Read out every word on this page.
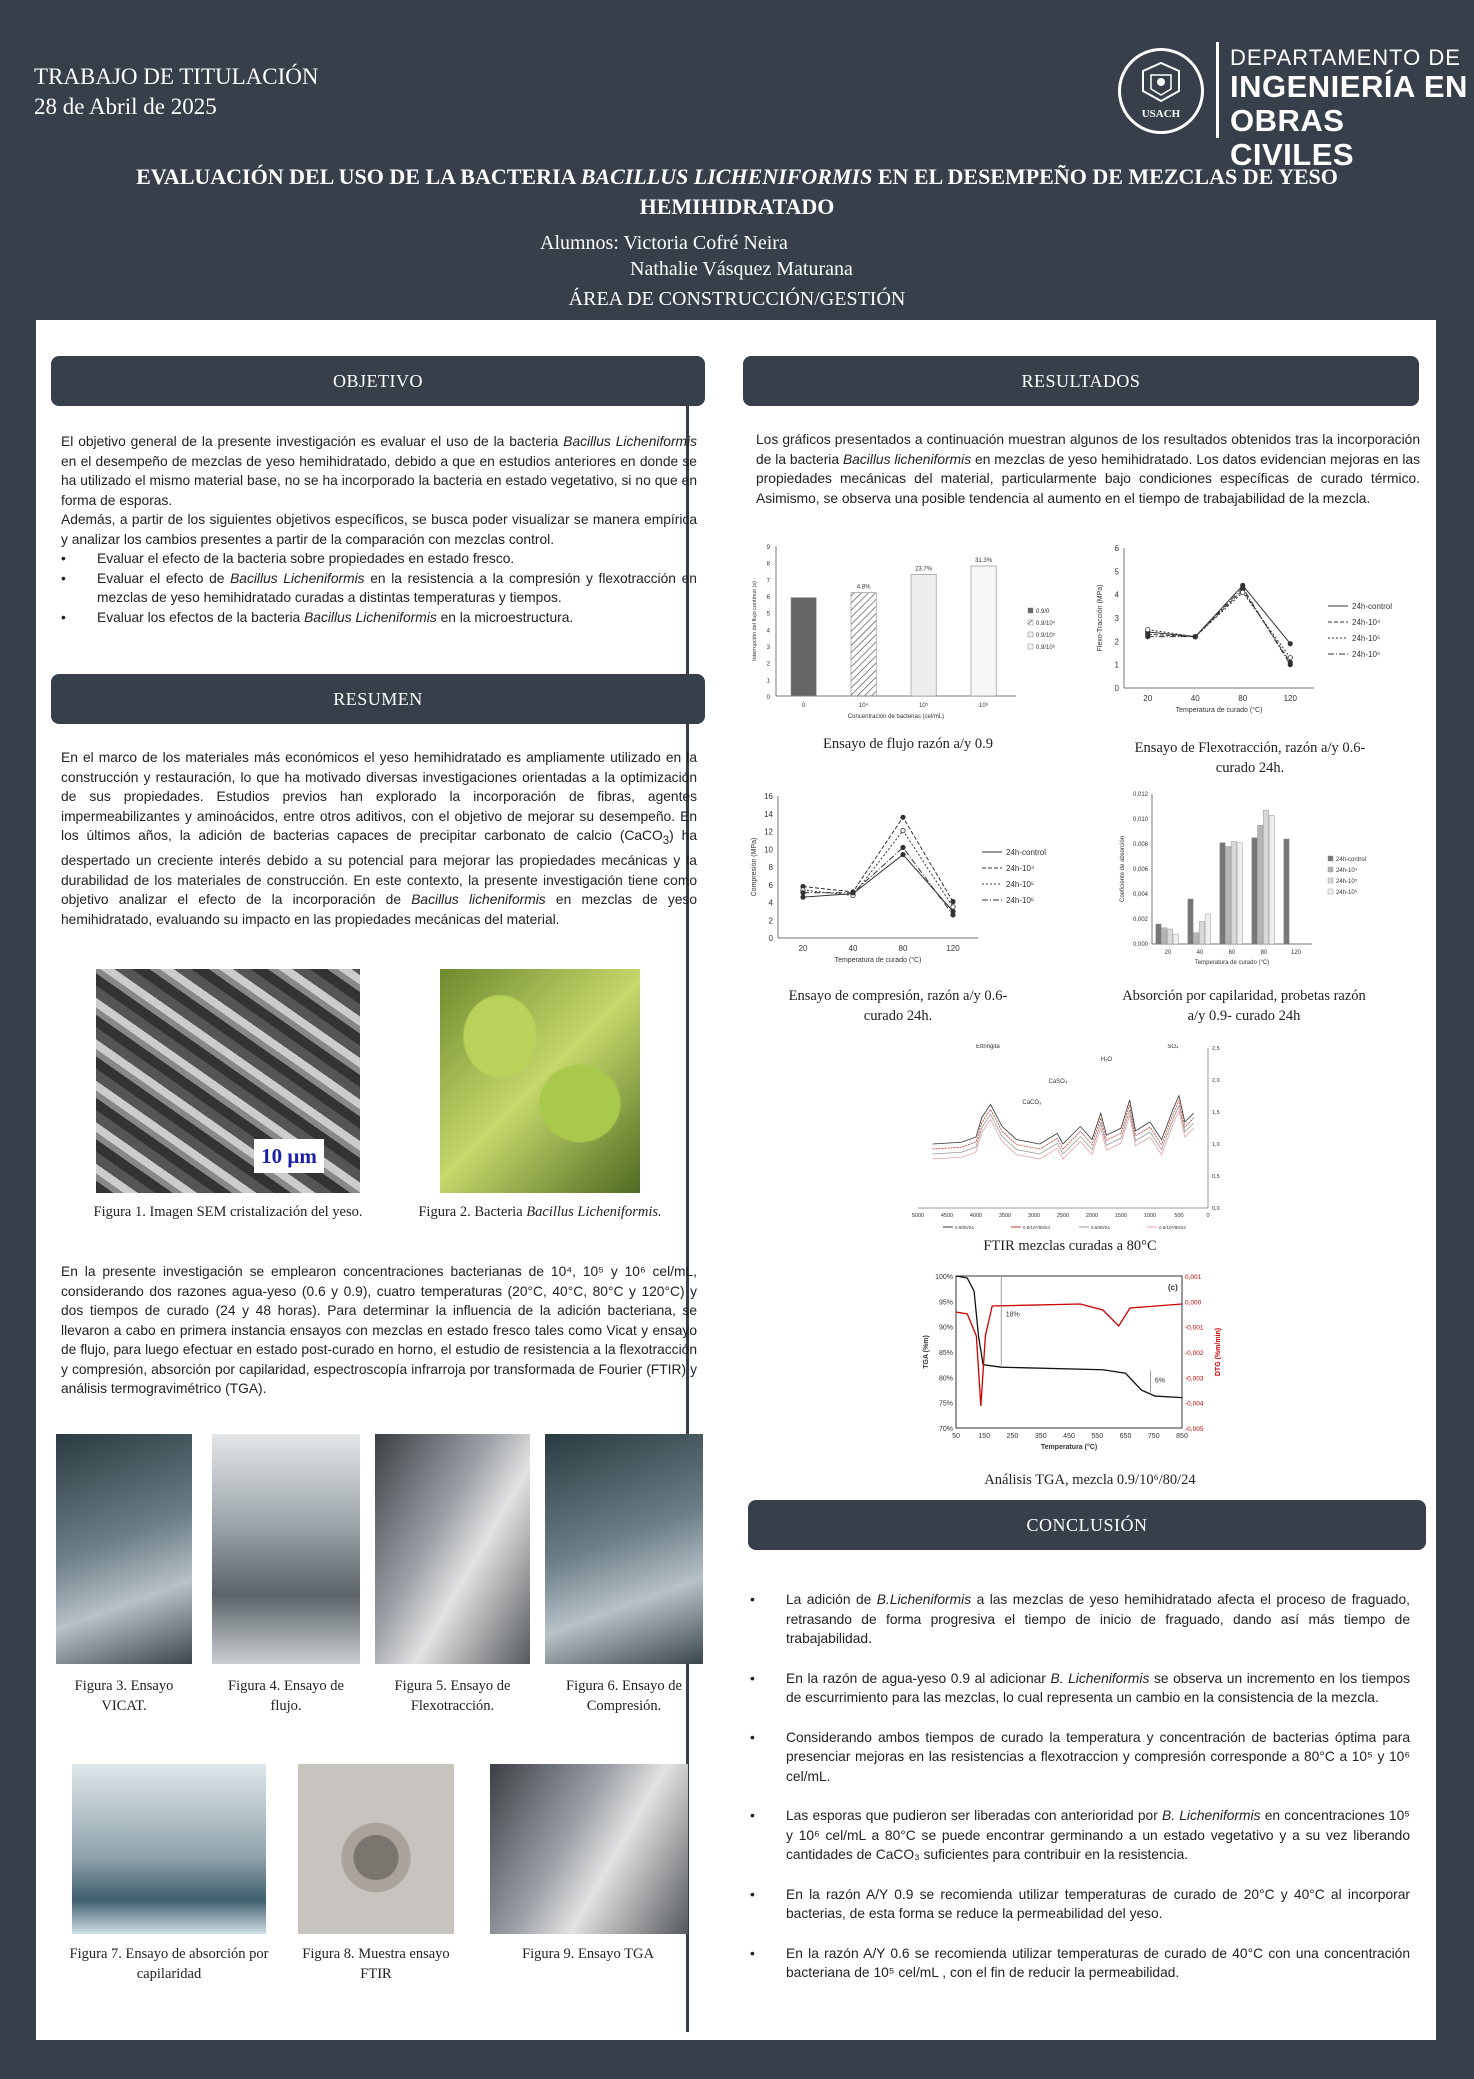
TRABAJO DE TITULACIÓN
28 de Abril de 2025	USACH
DEPARTAMENTO DE
INGENIERÍA EN
OBRAS CIVILES
EVALUACIÓN DEL USO DE LA BACTERIA BACILLUS LICHENIFORMIS EN EL DESEMPEÑO DE MEZCLAS DE YESO HEMIHIDRATADO
Alumnos: Victoria Cofré Neira
Nathalie Vásquez Maturana
ÁREA DE CONSTRUCCIÓN/GESTIÓN
OBJETIVO

El objetivo general de la presente investigación es evaluar el uso de la bacteria Bacillus Licheniformis en el desempeño de mezclas de yeso hemihidratado, debido a que en estudios anteriores en donde se ha utilizado el mismo material base, no se ha incorporado la bacteria en estado vegetativo, si no que en forma de esporas.

Además, a partir de los siguientes objetivos específicos, se busca poder visualizar se manera empírica y analizar los cambios presentes a partir de la comparación con mezclas control.

• Evaluar el efecto de la bacteria sobre propiedades en estado fresco.
• Evaluar el efecto de Bacillus Licheniformis en la resistencia a la compresión y flexotracción en mezclas de yeso hemihidratado curadas a distintas temperaturas y tiempos.
• Evaluar los efectos de la bacteria Bacillus Licheniformis en la microestructura.
RESUMEN

En el marco de los materiales más económicos el yeso hemihidratado es ampliamente utilizado en la construcción y restauración, lo que ha motivado diversas investigaciones orientadas a la optimización de sus propiedades. Estudios previos han explorado la incorporación de fibras, agentes impermeabilizantes y aminoácidos, entre otros aditivos, con el objetivo de mejorar su desempeño. En los últimos años, la adición de bacterias capaces de precipitar carbonato de calcio (CaCO$_3$) ha despertado un creciente interés debido a su potencial para mejorar las propiedades mecánicas y la durabilidad de los materiales de construcción. En este contexto, la presente investigación tiene como objetivo analizar el efecto de la incorporación de Bacillus licheniformis en mezclas de yeso hemihidratado, evaluando su impacto en las propiedades mecánicas del material.

10 μm
Figura 1. Imagen SEM cristalización del yeso.	Figura 2. Bacteria Bacillus Licheniformis.
En la presente investigación se emplearon concentraciones bacterianas de 10⁴, 10⁵ y 10⁶ cel/mL, considerando dos razones agua-yeso (0.6 y 0.9), cuatro temperaturas (20°C, 40°C, 80°C y 120°C) y dos tiempos de curado (24 y 48 horas). Para determinar la influencia de la adición bacteriana, se llevaron a cabo en primera instancia ensayos con mezclas en estado fresco tales como Vicat y ensayo de flujo, para luego efectuar en estado post-curado en horno, el estudio de resistencia a la flexotracción y compresión, absorción por capilaridad, espectroscopía infrarroja por transformada de Fourier (FTIR) y análisis termogravimétrico (TGA).
Figura 3. Ensayo VICAT.
Figura 4. Ensayo de flujo.
Figura 5. Ensayo de Flexotracción.
Figura 6. Ensayo de Compresión.
Figura 7. Ensayo de absorción por capilaridad
Figura 8. Muestra ensayo FTIR
Figura 9. Ensayo TGA
RESULTADOS

Los gráficos presentados a continuación muestran algunos de los resultados obtenidos tras la incorporación de la bacteria Bacillus licheniformis en mezclas de yeso hemihidratado. Los datos evidencian mejoras en las propiedades mecánicas del material, particularmente bajo condiciones específicas de curado térmico. Asimismo, se observa una posible tendencia al aumento en el tiempo de trabajabilidad de la mezcla.

0
1
2
3
4
5
6
7
8
9
0	10⁴
4.8%
10⁵
23.7%
10⁶
31.3%
Concentración de bacterias (cel/mL)
Interrupción del flujo continuo (s)	0.9/0
0.9/10⁴
0.9/10⁵
0.9/10⁶
0
1
2
3
4
5
6
20	40	80	120
Temperatura de curado (°C)
Flexo-Tracción (MPa)	24h-control
24h-10⁴
24h-10⁵
24h-10⁶
Ensayo de flujo razón a/y 0.9	Ensayo de Flexotracción, razón a/y 0.6-curado 24h.
0
2
4
6
8
10
12
14
16
20	40	80	120
Temperatura de curado (°C)
Compresión (MPa)	24h-control
24h-10⁴
24h-10⁵
24h-10⁶
0,000
0,002
0,004
0,006
0,008
0,010
0,012
20	40	60	80	120
Temperatura de curado (°C)
Coeficiente de absorción	24h-control
24h-10⁴
24h-10⁵
24h-10⁶
Ensayo de compresión, razón a/y 0.6-curado 24h.
Absorción por capilaridad, probetas razón a/y 0.9- curado 24h
5000	4500	4000	3500	3000	2500	2000	1500	1000	500	0
0,0
0,5
1,0
1,5
2,0
2,5
Ettringita
CaCO₃
CaSO₄
H₂O
SO₄
0.9/80/24	0.9/10⁴/80/24	0.6/80/24	0.6/10⁶/80/24
FTIR mezclas curadas a 80°C
70%
75%
80%
85%
90%
95%
100%	0,001
0,000
-0,001
-0,002
-0,003
-0,004
-0,005
50	150 250 350 450 550 650 750 850
Temperatura (°C)
TGA (%m)	DTG (%m/min)
(c)
18%
6%
Análisis TGA, mezcla 0.9/10⁶/80/24
CONCLUSIÓN
• La adición de B.Licheniformis a las mezclas de yeso hemihidratado afecta el proceso de fraguado, retrasando de forma progresiva el tiempo de inicio de fraguado, dando así más tiempo de trabajabilidad.
• En la razón de agua-yeso 0.9 al adicionar B. Licheniformis se observa un incremento en los tiempos de escurrimiento para las mezclas, lo cual representa un cambio en la consistencia de la mezcla.
• Considerando ambos tiempos de curado la temperatura y concentración de bacterias óptima para presenciar mejoras en las resistencias a flexotraccion y compresión corresponde a 80°C a 10⁵ y 10⁶ cel/mL.
• Las esporas que pudieron ser liberadas con anterioridad por B. Licheniformis en concentraciones 10⁵ y 10⁶ cel/mL a 80°C se puede encontrar germinando a un estado vegetativo y a su vez liberando cantidades de CaCO₃ suficientes para contribuir en la resistencia.
• En la razón A/Y 0.9 se recomienda utilizar temperaturas de curado de 20°C y 40°C al incorporar bacterias, de esta forma se reduce la permeabilidad del yeso.
• En la razón A/Y 0.6 se recomienda utilizar temperaturas de curado de 40°C con una concentración bacteriana de 10⁵ cel/mL , con el fin de reducir la permeabilidad.
